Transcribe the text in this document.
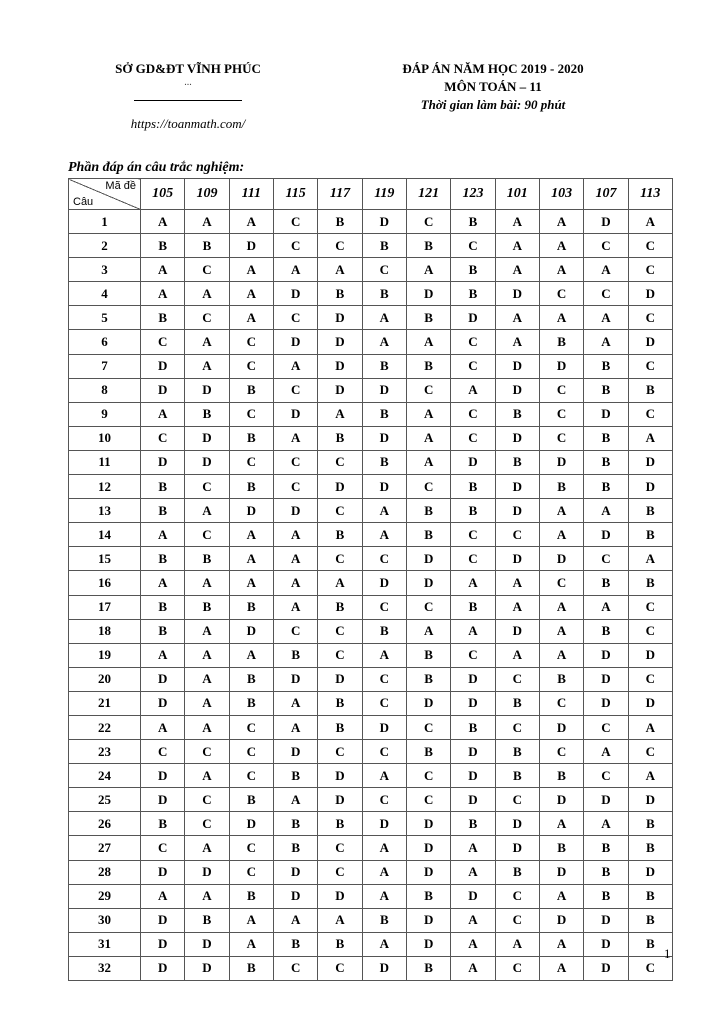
SỞ GD&ĐT VĨNH PHÚC
...
https://toanmath.com/
ĐÁP ÁN NĂM HỌC 2019 - 2020
MÔN TOÁN – 11
Thời gian làm bài: 90 phút
Phần đáp án câu trắc nghiệm:
Mã đề
Câu	105	109	111	115	117	119	121	123	101	103	107	113
1	A	A	A	C	B	D	C	B	A	A	D	A
2	B	B	D	C	C	B	B	C	A	A	C	C
3	A	C	A	A	A	C	A	B	A	A	A	C
4	A	A	A	D	B	B	D	B	D	C	C	D
5	B	C	A	C	D	A	B	D	A	A	A	C
6	C	A	C	D	D	A	A	C	A	B	A	D
7	D	A	C	A	D	B	B	C	D	D	B	C
8	D	D	B	C	D	D	C	A	D	C	B	B
9	A	B	C	D	A	B	A	C	B	C	D	C
10	C	D	B	A	B	D	A	C	D	C	B	A
11	D	D	C	C	C	B	A	D	B	D	B	D
12	B	C	B	C	D	D	C	B	D	B	B	D
13	B	A	D	D	C	A	B	B	D	A	A	B
14	A	C	A	A	B	A	B	C	C	A	D	B
15	B	B	A	A	C	C	D	C	D	D	C	A
16	A	A	A	A	A	D	D	A	A	C	B	B
17	B	B	B	A	B	C	C	B	A	A	A	C
18	B	A	D	C	C	B	A	A	D	A	B	C
19	A	A	A	B	C	A	B	C	A	A	D	D
20	D	A	B	D	D	C	B	D	C	B	D	C
21	D	A	B	A	B	C	D	D	B	C	D	D
22	A	A	C	A	B	D	C	B	C	D	C	A
23	C	C	C	D	C	C	B	D	B	C	A	C
24	D	A	C	B	D	A	C	D	B	B	C	A
25	D	C	B	A	D	C	C	D	C	D	D	D
26	B	C	D	B	B	D	D	B	D	A	A	B
27	C	A	C	B	C	A	D	A	D	B	B	B
28	D	D	C	D	C	A	D	A	B	D	B	D
29	A	A	B	D	D	A	B	D	C	A	B	B
30	D	B	A	A	A	B	D	A	C	D	D	B
31	D	D	A	B	B	A	D	A	A	A	D	B
32	D	D	B	C	C	D	B	A	C	A	D	C
1
